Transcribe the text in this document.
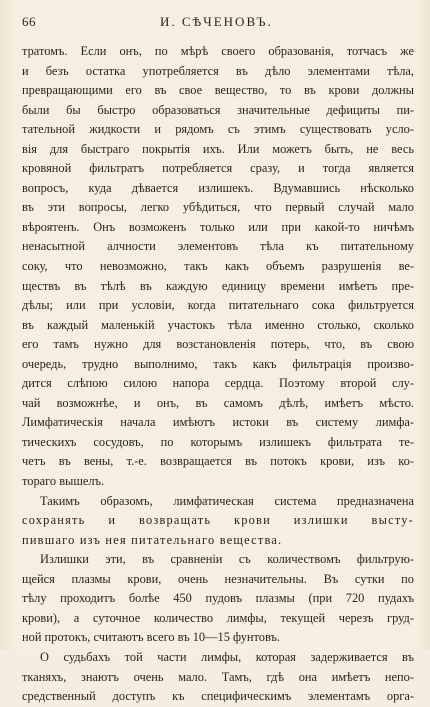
66	И. СѢЧЕНОВЪ.
тратомъ. Если онъ, по мѣрѣ своего образованія, тотчасъ же
и безъ остатка употребляется въ дѣло элементами тѣла,
превращающими его въ свое вещество, то въ крови должны
были бы быстро образоваться значительные дефициты пи-
тательной жидкости и рядомъ съ этимъ существовать усло-
вія для быстраго покрытія ихъ. Или можетъ быть, не весь
кровяной фильтратъ потребляется сразу, и тогда является
вопросъ, куда дѣвается излишекъ. Вдумавшись нѣсколько
въ эти вопросы, легко убѣдиться, что первый случай мало
вѣроятенъ. Онъ возможенъ только или при какой-то ничѣмъ
ненасытной алчности элементовъ тѣла къ питательному
соку, что невозможно, такъ какъ объемъ разрушенія ве-
ществъ въ тѣлѣ въ каждую единицу времени имѣетъ пре-
дѣлы; или при условіи, когда питательнаго сока фильтруется
въ каждый маленькій участокъ тѣла именно столько, сколько
его тамъ нужно для возстановленія потерь, что, въ свою
очередь, трудно выполнимо, такъ какъ фильтрація произво-
дится слѣпою силою напора сердца. Поэтому второй слу-
чай возможнѣе, и онъ, въ самомъ дѣлѣ, имѣетъ мѣсто.
Лимфатическія начала имѣютъ истоки въ систему лимфа-
тическихъ сосудовъ, по которымъ излишекъ фильтрата те-
четъ въ вены, т.-е. возвращается въ потокъ крови, изъ ко-
тораго вышелъ.
Такимъ образомъ, лимфатическая система предназначена
сохранять и возвращать крови излишки высту-
пившаго изъ нея питательнаго вещества.
Излишки эти, въ сравненіи съ количествомъ фильтрую-
щейся плазмы крови, очень незначительны. Въ сутки по
тѣлу проходитъ болѣе 450 пудовъ плазмы (при 720 пудахъ
крови), а суточное количество лимфы, текущей черезъ груд-
ной протокъ, считаютъ всего въ 10—15 фунтовъ.
О судьбахъ той части лимфы, которая задерживается въ
тканяхъ, знаютъ очень мало. Тамъ, гдѣ она имѣетъ непо-
средственный доступъ къ специфическимъ элементамъ орга-
